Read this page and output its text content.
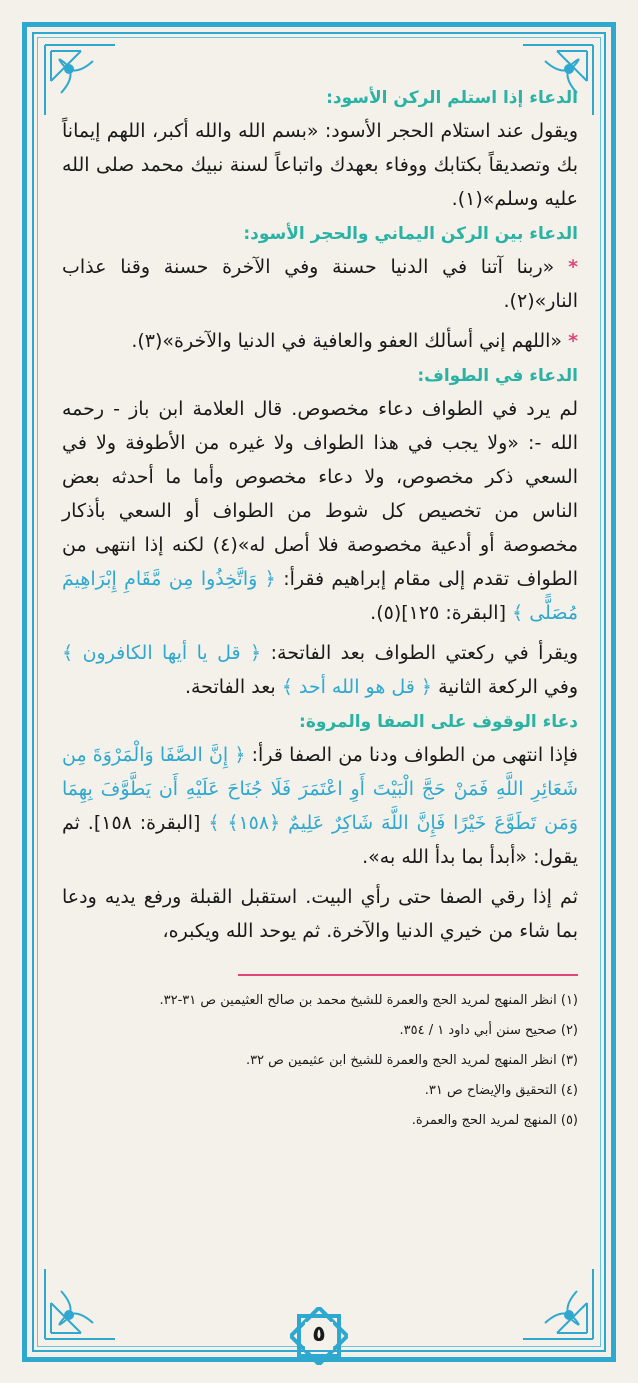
الدعاء إذا استلم الركن الأسود:

ويقول عند استلام الحجر الأسود: «بسم الله والله أكبر، اللهم إيماناً بك وتصديقاً بكتابك ووفاء بعهدك واتباعاً لسنة نبيك محمد صلى الله عليه وسلم»(١).

الدعاء بين الركن اليماني والحجر الأسود:

* «ربنا آتنا في الدنيا حسنة وفي الآخرة حسنة وقنا عذاب النار»(٢).

* «اللهم إني أسألك العفو والعافية في الدنيا والآخرة»(٣).

الدعاء في الطواف:

لم يرد في الطواف دعاء مخصوص. قال العلامة ابن باز - رحمه الله -: «ولا يجب في هذا الطواف ولا غيره من الأطوفة ولا في السعي ذكر مخصوص، ولا دعاء مخصوص وأما ما أحدثه بعض الناس من تخصيص كل شوط من الطواف أو السعي بأذكار مخصوصة أو أدعية مخصوصة فلا أصل له»(٤) لكنه إذا انتهى من الطواف تقدم إلى مقام إبراهيم فقرأ: ﴿ وَاتَّخِذُوا مِن مَّقَامِ إِبْرَاهِيمَ مُصَلًّى ﴾ [البقرة: ١٢٥](٥).

ويقرأ في ركعتي الطواف بعد الفاتحة: ﴿ قل يا أيها الكافرون ﴾ وفي الركعة الثانية ﴿ قل هو الله أحد ﴾ بعد الفاتحة.

دعاء الوقوف على الصفا والمروة:

فإذا انتهى من الطواف ودنا من الصفا قرأ: ﴿ إِنَّ الصَّفَا وَالْمَرْوَةَ مِن شَعَائِرِ اللَّهِ فَمَنْ حَجَّ الْبَيْتَ أَوِ اعْتَمَرَ فَلَا جُنَاحَ عَلَيْهِ أَن يَطَّوَّفَ بِهِمَا وَمَن تَطَوَّعَ خَيْرًا فَإِنَّ اللَّهَ شَاكِرٌ عَلِيمٌ ﴿١٥٨﴾ ﴾ [البقرة: ١٥٨]. ثم يقول: «أبدأ بما بدأ الله به».

ثم إذا رقي الصفا حتى رأي البيت. استقبل القبلة ورفع يديه ودعا بما شاء من خيري الدنيا والآخرة. ثم يوحد الله ويكبره،

(١) انظر المنهج لمريد الحج والعمرة للشيخ محمد بن صالح العثيمين ص ٣١-٣٢.
(٢) صحيح سنن أبي داود ١ / ٣٥٤.
(٣) انظر المنهج لمريد الحج والعمرة للشيخ ابن عثيمين ص ٣٢.
(٤) التحقيق والإيضاح ص ٣١.
(٥) المنهج لمريد الحج والعمرة.
٥
